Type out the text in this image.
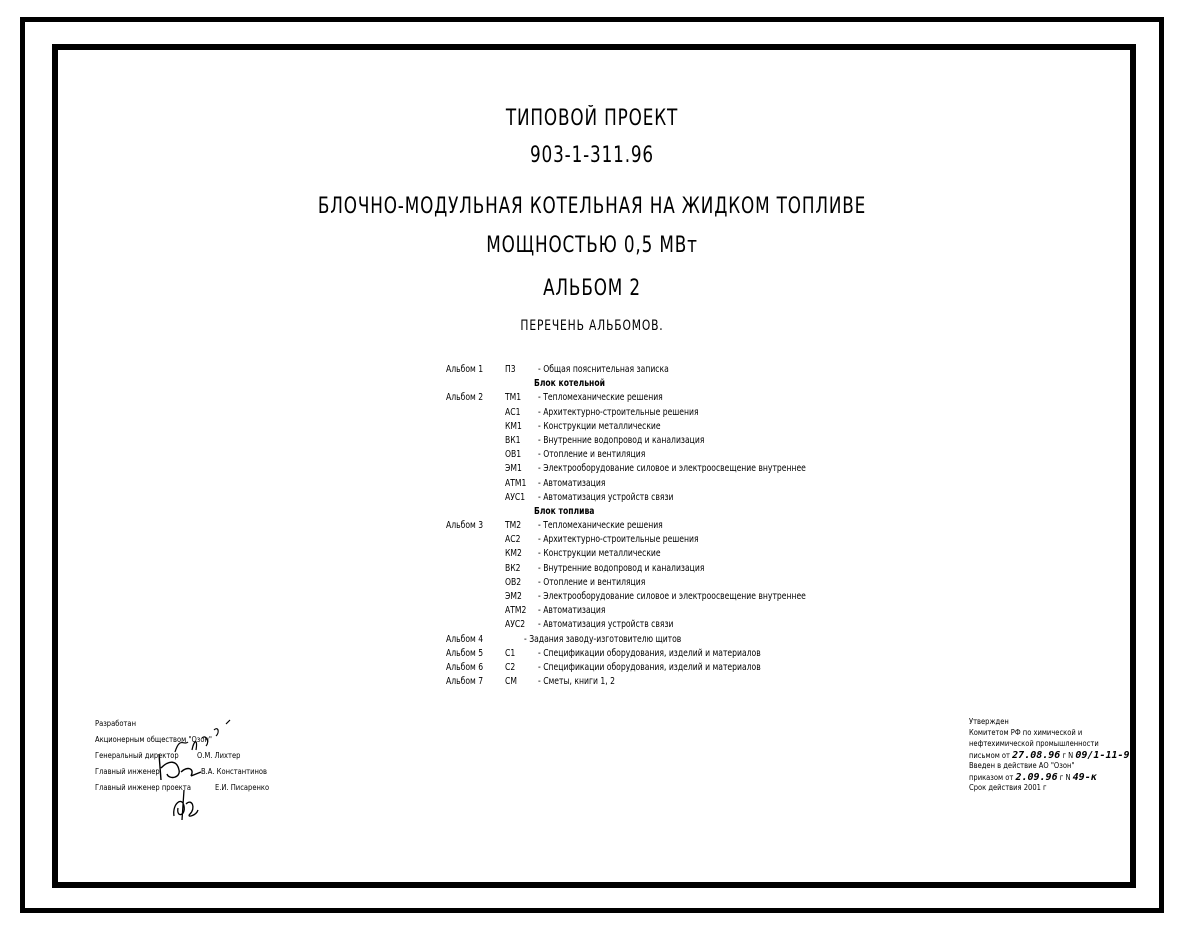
ТИПОВОЙ ПРОЕКТ
903-1-311.96
БЛОЧНО-МОДУЛЬНАЯ КОТЕЛЬНАЯ НА ЖИДКОМ ТОПЛИВЕ
МОЩНОСТЬЮ 0,5 МВт
АЛЬБОМ 2
ПЕРЕЧЕНЬ АЛЬБОМОВ.
Альбом 1 П3 - Общая пояснительная записка
Блок котельной
Альбом 2 ТМ1 - Тепломеханические решения
АС1 - Архитектурно-строительные решения
КМ1 - Конструкции металлические
ВК1 - Внутренние водопровод и канализация
ОВ1 - Отопление и вентиляция
ЭМ1 - Электрооборудование силовое и электроосвещение внутреннее
АТМ1 - Автоматизация
АУС1 - Автоматизация устройств связи
Блок топлива
Альбом 3 ТМ2 - Тепломеханические решения
АС2 - Архитектурно-строительные решения
КМ2 - Конструкции металлические
ВК2 - Внутренние водопровод и канализация
ОВ2 - Отопление и вентиляция
ЭМ2 - Электрооборудование силовое и электроосвещение внутреннее
АТМ2 - Автоматизация
АУС2 - Автоматизация устройств связи
Альбом 4	- Задания заводу-изготовителю щитов
Альбом 5 С1 - Спецификации оборудования, изделий и материалов
Альбом 6 С2 - Спецификации оборудования, изделий и материалов
Альбом 7 СМ - Сметы, книги 1, 2
Разработан
Акционерным обществом "Озон"
Генеральный директор О.М. Лихтер
Главный инженер	В.А. Константинов
Главный инженер проекта	Е.И. Писаренко
Утвержден
Комитетом РФ по химической и
нефтехимической промышленности
письмом от 27.08.96 г N 09/1-11-97
Введен в действие АО "Озон"
приказом от 2.09.96 г N 49-к
Срок действия 2001 г
